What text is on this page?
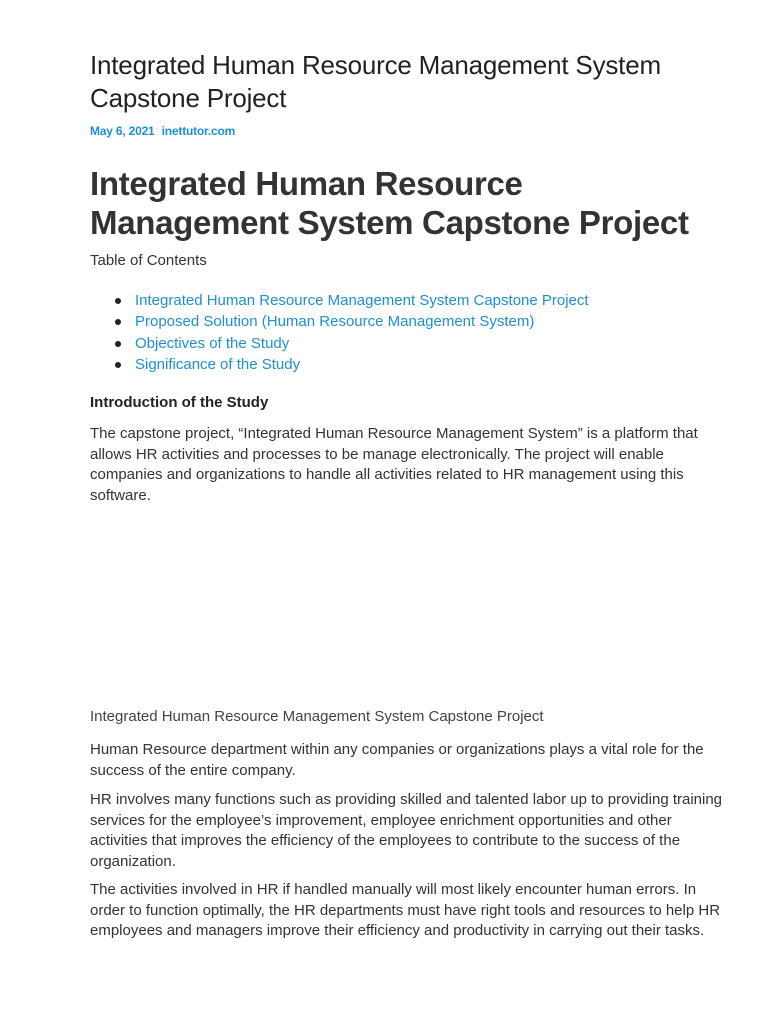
Integrated Human Resource Management System Capstone Project
May 6, 2021 inettutor.com
Integrated Human Resource Management System Capstone Project
Table of Contents
Integrated Human Resource Management System Capstone Project
Proposed Solution (Human Resource Management System)
Objectives of the Study
Significance of the Study
Introduction of the Study

The capstone project, “Integrated Human Resource Management System” is a platform that allows HR activities and processes to be manage electronically. The project will enable companies and organizations to handle all activities related to HR management using this software.

Integrated Human Resource Management System Capstone Project

Human Resource department within any companies or organizations plays a vital role for the success of the entire company.

HR involves many functions such as providing skilled and talented labor up to providing training services for the employee’s improvement, employee enrichment opportunities and other activities that improves the efficiency of the employees to contribute to the success of the organization.

The activities involved in HR if handled manually will most likely encounter human errors. In order to function optimally, the HR departments must have right tools and resources to help HR employees and managers improve their efficiency and productivity in carrying out their tasks.
